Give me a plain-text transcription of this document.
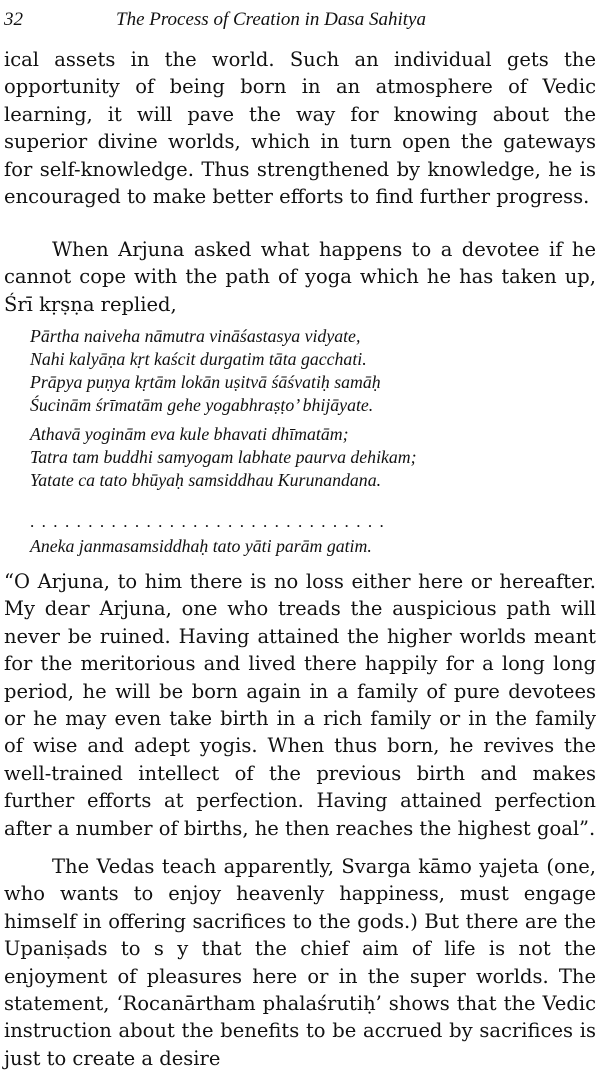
32	The Process of Creation in Dasa Sahitya

ical assets in the world. Such an individual gets the opportunity of being born in an atmosphere of Vedic learning, it will pave the way for knowing about the superior divine worlds, which in turn open the gateways for self-knowledge. Thus strengthened by knowledge, he is encouraged to make better efforts to find further progress.

When Arjuna asked what happens to a devotee if he cannot cope with the path of yoga which he has taken up, Śrī kṛṣṇa replied,

Pārtha naiveha nāmutra vināśastasya vidyate,
Nahi kalyāṇa kṛt kaścit durgatim tāta gacchati.
Prāpya puṇya kṛtām lokān uṣitvā śāśvatiḥ samāḥ
Śucinām śrīmatām gehe yogabhraṣṭo’ bhijāyate.
Athavā yoginām eva kule bhavati dhīmatām;
Tatra tam buddhi samyogam labhate paurva dehikam;
Yatate ca tato bhūyaḥ samsiddhau Kurunandana.
...............................
Aneka janmasamsiddhaḥ tato yāti parām gatim.

“O Arjuna, to him there is no loss either here or hereafter. My dear Arjuna, one who treads the auspicious path will never be ruined. Having attained the higher worlds meant for the meritorious and lived there happily for a long long period, he will be born again in a family of pure devotees or he may even take birth in a rich family or in the family of wise and adept yogis. When thus born, he revives the well-trained intellect of the previous birth and makes further efforts at perfection. Having attained perfection after a number of births, he then reaches the highest goal”.

The Vedas teach apparently, Svarga kāmo yajeta (one, who wants to enjoy heavenly happiness, must engage himself in offering sacrifices to the gods.) But there are the Upaniṣads to s y that the chief aim of life is not the enjoyment of pleasures here or in the super worlds. The statement, ‘Rocanārtham phalaśrutiḥ’ shows that the Vedic instruction about the benefits to be accrued by sacrifices is just to create a desire
